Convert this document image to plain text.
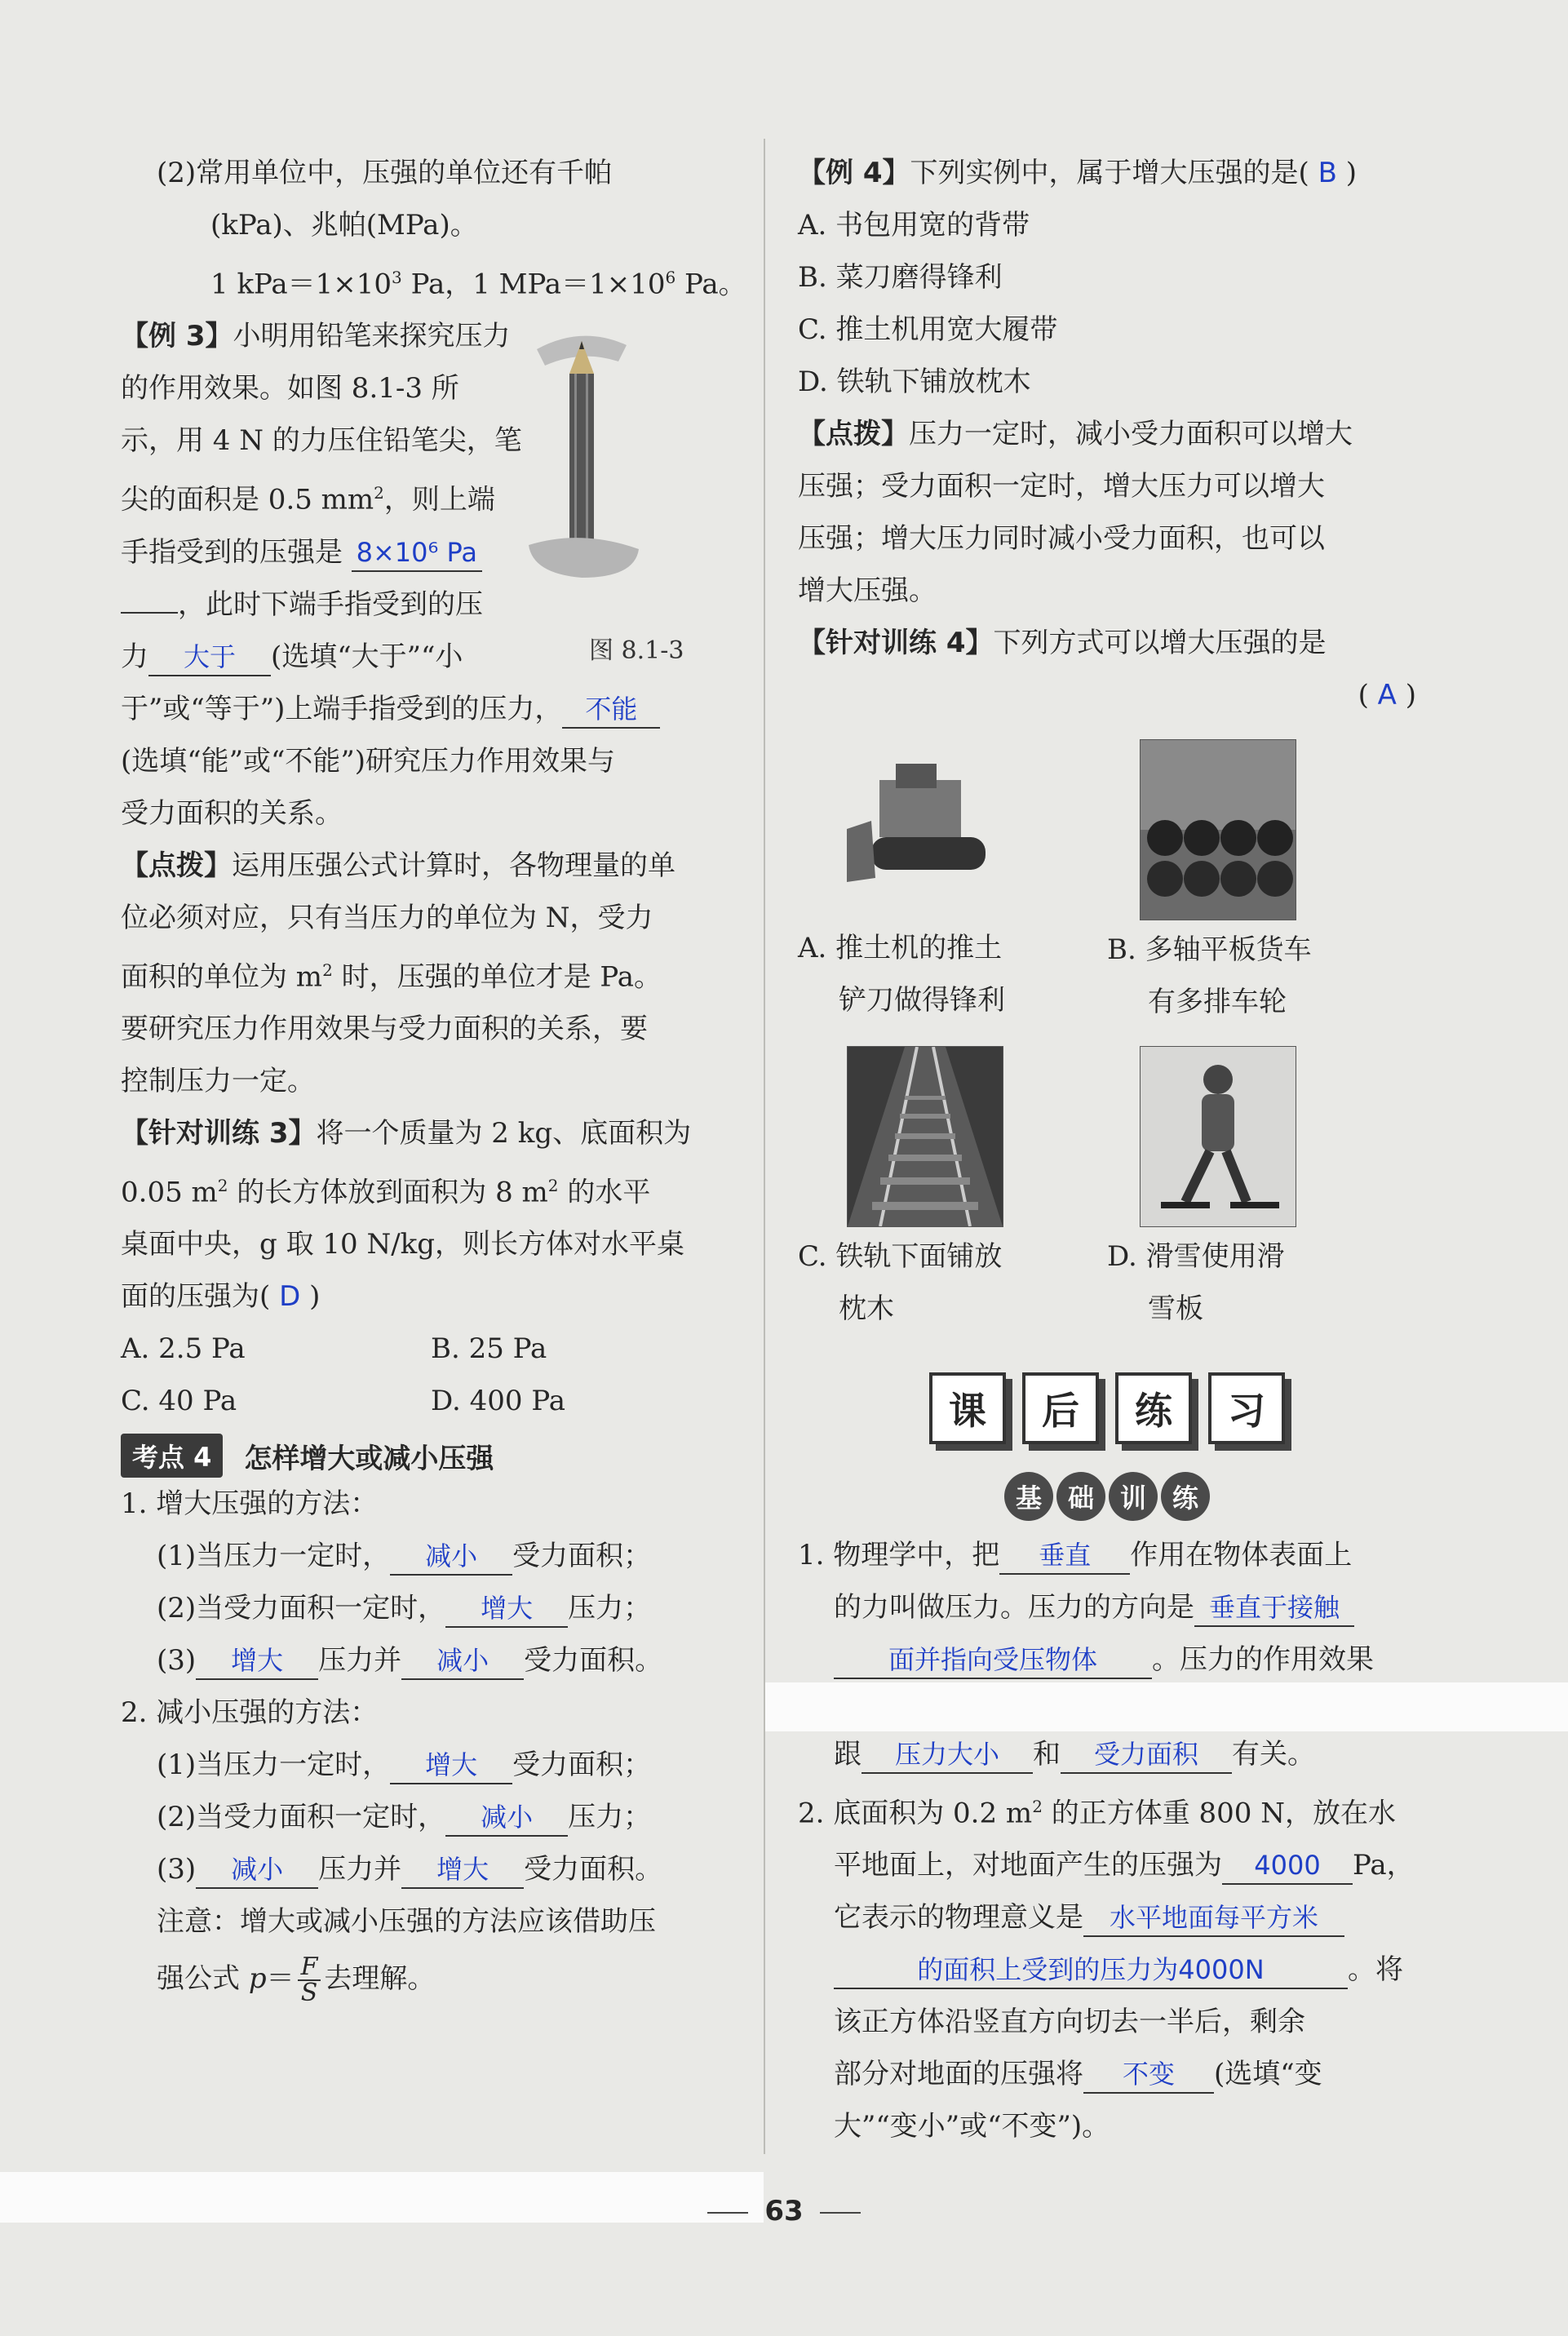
(2)常用单位中，压强的单位还有千帕
(kPa)、兆帕(MPa)。
1 $kPa=1\times 10^3$ Pa，1 $MPa=1\times 10^6$ Pa。
【例 3】小明用铅笔来探究压力
的作用效果。如图 8.1-3 所
示，用 4 N 的力压住铅笔尖，笔
尖的面积是 0.5 $mm^2$，则上端
手指受到的压强是 8×10⁶ Pa
，此时下端手指受到的压
力 大于 (选填“大于”“小
于”或“等于”)上端手指受到的压力， 不能
(选填“能”或“不能”)研究压力作用效果与
受力面积的关系。
【点拨】运用压强公式计算时，各物理量的单
位必须对应，只有当压力的单位为 N，受力
面积的单位为 $m^2$ 时，压强的单位才是 Pa。
要研究压力作用效果与受力面积的关系，要
控制压力一定。
【针对训练 3】将一个质量为 2 kg、底面积为
0.05 $m^2$ 的长方体放到面积为 8 $m^2$ 的水平
桌面中央，g 取 10 N/kg，则长方体对水平桌
面的压强为( D )
A. 2.5 Pa	B. 25 Pa
C. 40 Pa	D. 400 Pa
考点 4	怎样增大或减小压强
1. 增大压强的方法：
(1)当压力一定时， 减小 受力面积；
(2)当受力面积一定时， 增大 压力；
(3) 增大 压力并 减小 受力面积。
2. 减小压强的方法：
(1)当压力一定时， 增大 受力面积；
(2)当受力面积一定时， 减小 压力；
(3) 减小 压力并 增大 受力面积。
注意：增大或减小压强的方法应该借助压
强公式 $p= \frac{F}{S}$ 去理解。
图 8.1-3
【例 4】下列实例中，属于增大压强的是( B )
A. 书包用宽的背带
B. 菜刀磨得锋利
C. 推土机用宽大履带
D. 铁轨下铺放枕木
【点拨】压力一定时，减小受力面积可以增大
压强；受力面积一定时，增大压力可以增大
压强；增大压力同时减小受力面积，也可以
增大压强。
【针对训练 4】下列方式可以增大压强的是
( A )
A. 推土机的推土
铲刀做得锋利
B. 多轴平板货车
有多排车轮
C. 铁轨下面铺放
枕木
D. 滑雪使用滑
雪板
课	后	练	习
基 础 训 练
1. 物理学中，把 垂直 作用在物体表面上
的力叫做压力。压力的方向是 垂直于接触
面并指向受压物体 。压力的作用效果
跟 压力大小 和 受力面积 有关。
2. 底面积为 0.2 $m^2$ 的正方体重 800 N，放在水
平地面上，对地面产生的压强为 4000 Pa，
它表示的物理意义是 水平地面每平方米
的面积上受到的压力为4000N	。将
该正方体沿竖直方向切去一半后，剩余
部分对地面的压强将 不变 (选填“变
大”“变小”或“不变”)。
63
